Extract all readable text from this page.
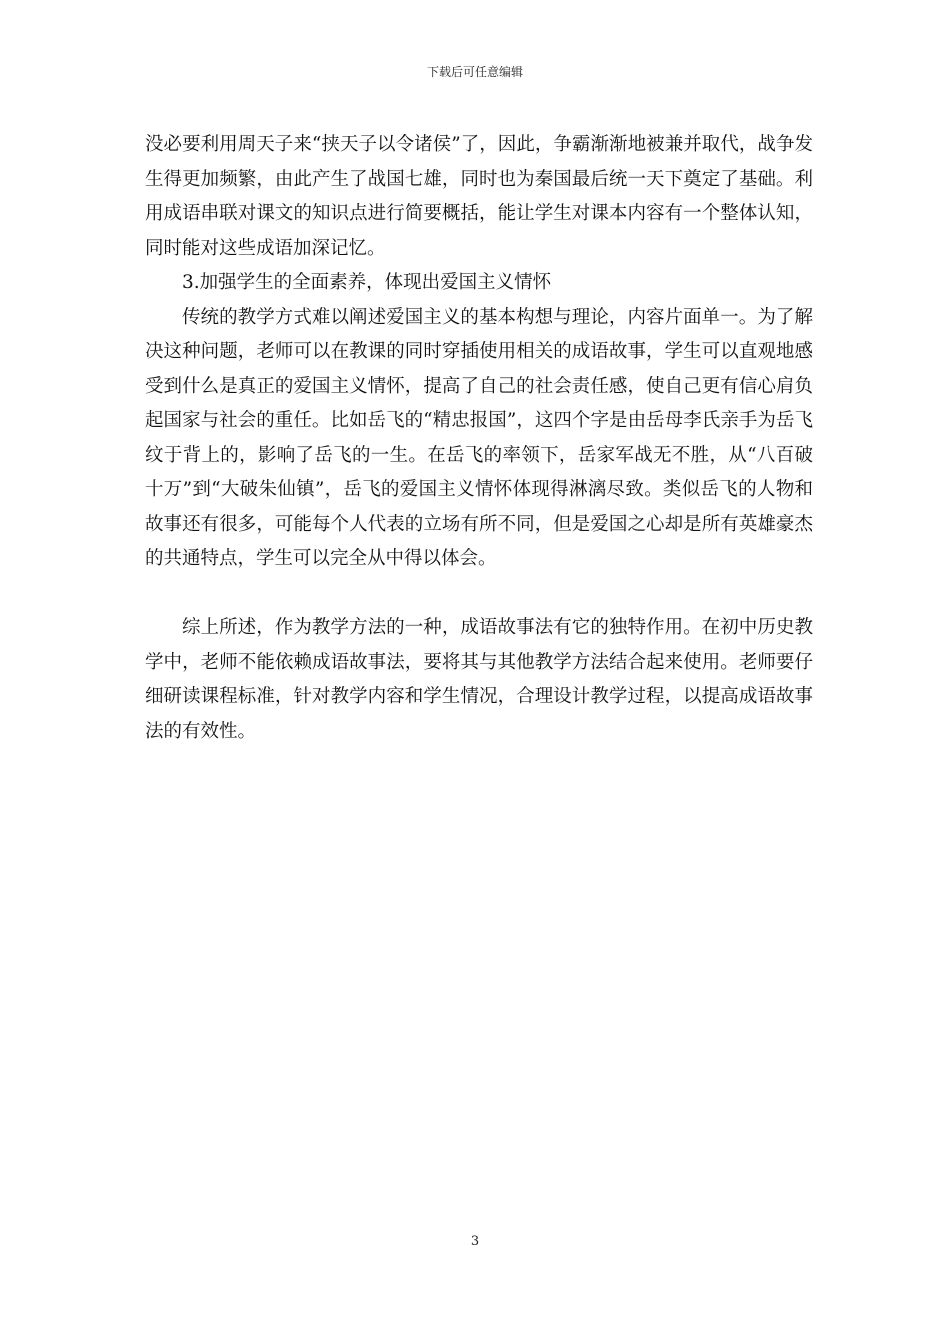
下载后可任意编辑

没必要利用周天子来“挟天子以令诸侯”了，因此，争霸渐渐地被兼并取代，战争发生得更加频繁，由此产生了战国七雄，同时也为秦国最后统一天下奠定了基础。利用成语串联对课文的知识点进行简要概括，能让学生对课本内容有一个整体认知，同时能对这些成语加深记忆。

3.加强学生的全面素养，体现出爱国主义情怀

传统的教学方式难以阐述爱国主义的基本构想与理论，内容片面单一。为了解决这种问题，老师可以在教课的同时穿插使用相关的成语故事，学生可以直观地感受到什么是真正的爱国主义情怀，提高了自己的社会责任感，使自己更有信心肩负起国家与社会的重任。比如岳飞的“精忠报国”，这四个字是由岳母李氏亲手为岳飞纹于背上的，影响了岳飞的一生。在岳飞的率领下，岳家军战无不胜，从“八百破十万”到“大破朱仙镇”，岳飞的爱国主义情怀体现得淋漓尽致。类似岳飞的人物和故事还有很多，可能每个人代表的立场有所不同，但是爱国之心却是所有英雄豪杰的共通特点，学生可以完全从中得以体会。

综上所述，作为教学方法的一种，成语故事法有它的独特作用。在初中历史教学中，老师不能依赖成语故事法，要将其与其他教学方法结合起来使用。老师要仔细研读课程标准，针对教学内容和学生情况，合理设计教学过程，以提高成语故事法的有效性。

3
